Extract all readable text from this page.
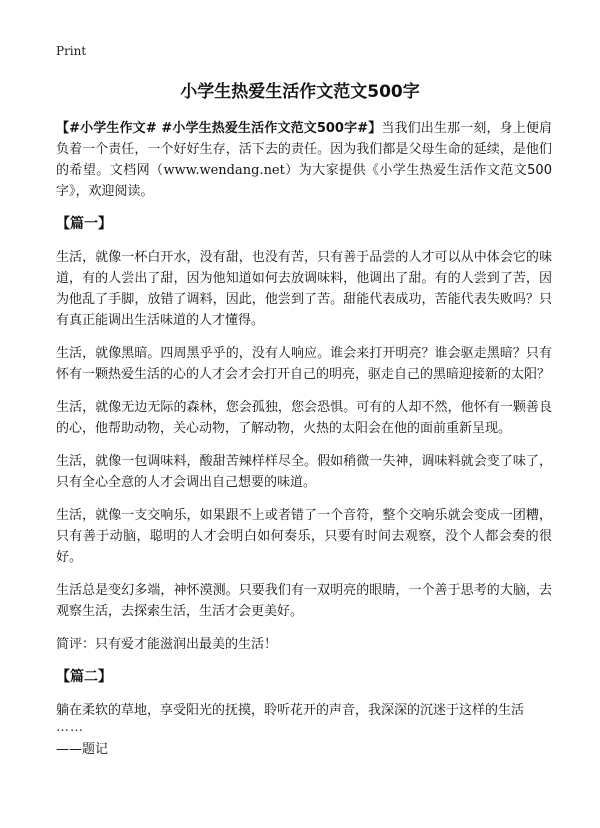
Print
小学生热爱生活作文范文500字

【#小学生作文# #小学生热爱生活作文范文500字#】当我们出生那一刻，身上便肩负着一个责任，一个好好生存，活下去的责任。因为我们都是父母生命的延续，是他们的希望。文档网（www.wendang.net）为大家提供《小学生热爱生活作文范文500字》，欢迎阅读。

【篇一】

生活，就像一杯白开水，没有甜，也没有苦，只有善于品尝的人才可以从中体会它的味道，有的人尝出了甜，因为他知道如何去放调味料，他调出了甜。有的人尝到了苦，因为他乱了手脚，放错了调料，因此，他尝到了苦。甜能代表成功，苦能代表失败吗？只有真正能调出生活味道的人才懂得。

生活，就像黑暗。四周黑乎乎的，没有人响应。谁会来打开明亮？谁会驱走黑暗？只有怀有一颗热爱生活的心的人才会才会打开自己的明亮，驱走自己的黑暗迎接新的太阳？

生活，就像无边无际的森林，您会孤独，您会恐惧。可有的人却不然，他怀有一颗善良的心，他帮助动物，关心动物，了解动物，火热的太阳会在他的面前重新呈现。

生活，就像一包调味料，酸甜苦辣样样尽全。假如稍微一失神，调味料就会变了味了，只有全心全意的人才会调出自己想要的味道。

生活，就像一支交响乐，如果跟不上或者错了一个音符，整个交响乐就会变成一团糟，只有善于动脑，聪明的人才会明白如何奏乐，只要有时间去观察，没个人都会奏的很好。

生活总是变幻多端，神怀漠测。只要我们有一双明亮的眼睛，一个善于思考的大脑，去观察生活，去探索生活，生活才会更美好。

简评：只有爱才能滋润出最美的生活！

【篇二】

躺在柔软的草地，享受阳光的抚摸，聆听花开的声音，我深深的沉迷于这样的生活

……

——题记
